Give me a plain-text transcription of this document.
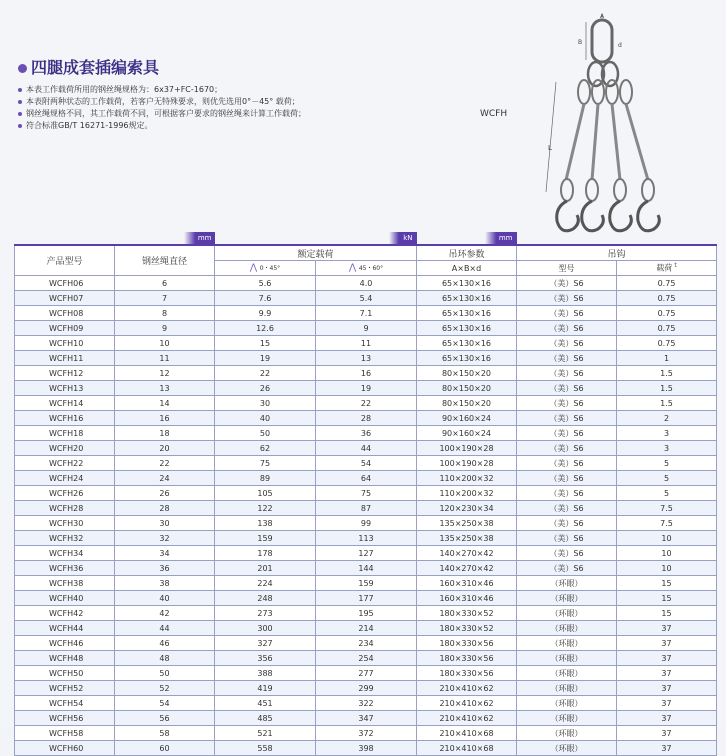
四腿成套插编索具
本表工作载荷所用的钢丝绳规格为：6x37+FC-1670；
本表附两种状态的工作载荷，若客户无特殊要求，则优先选用0°－45° 载荷；
钢丝绳规格不同，其工作载荷不同，可根据客户要求的钢丝绳来计算工作载荷；
符合标准GB/T 16271-1996规定。
WCFH
A
B	d
L

	mm		kN	mm		

产品型号	钢丝绳直径	额定载荷		吊环参数	吊钩	
		⋀ 0・45°	⋀ 45・60°	A×B×d	型号	载荷 $^t$
WCFH06	6	5.6	4.0	65×130×16	（美）S6	0.75
WCFH07	7	7.6	5.4	65×130×16	（美）S6	0.75
WCFH08	8	9.9	7.1	65×130×16	（美）S6	0.75
WCFH09	9	12.6	9	65×130×16	（美）S6	0.75
WCFH10	10	15	11	65×130×16	（美）S6	0.75
WCFH11	11	19	13	65×130×16	（美）S6	1
WCFH12	12	22	16	80×150×20	（美）S6	1.5
WCFH13	13	26	19	80×150×20	（美）S6	1.5
WCFH14	14	30	22	80×150×20	（美）S6	1.5
WCFH16	16	40	28	90×160×24	（美）S6	2
WCFH18	18	50	36	90×160×24	（美）S6	3
WCFH20	20	62	44	100×190×28	（美）S6	3
WCFH22	22	75	54	100×190×28	（美）S6	5
WCFH24	24	89	64	110×200×32	（美）S6	5
WCFH26	26	105	75	110×200×32	（美）S6	5
WCFH28	28	122	87	120×230×34	（美）S6	7.5
WCFH30	30	138	99	135×250×38	（美）S6	7.5
WCFH32	32	159	113	135×250×38	（美）S6	10
WCFH34	34	178	127	140×270×42	（美）S6	10
WCFH36	36	201	144	140×270×42	（美）S6	10
WCFH38	38	224	159	160×310×46	（环眼）	15
WCFH40	40	248	177	160×310×46	（环眼）	15
WCFH42	42	273	195	180×330×52	（环眼）	15
WCFH44	44	300	214	180×330×52	（环眼）	37
WCFH46	46	327	234	180×330×56	（环眼）	37
WCFH48	48	356	254	180×330×56	（环眼）	37
WCFH50	50	388	277	180×330×56	（环眼）	37
WCFH52	52	419	299	210×410×62	（环眼）	37
WCFH54	54	451	322	210×410×62	（环眼）	37
WCFH56	56	485	347	210×410×62	（环眼）	37
WCFH58	58	521	372	210×410×68	（环眼）	37
WCFH60	60	558	398	210×410×68	（环眼）	37
